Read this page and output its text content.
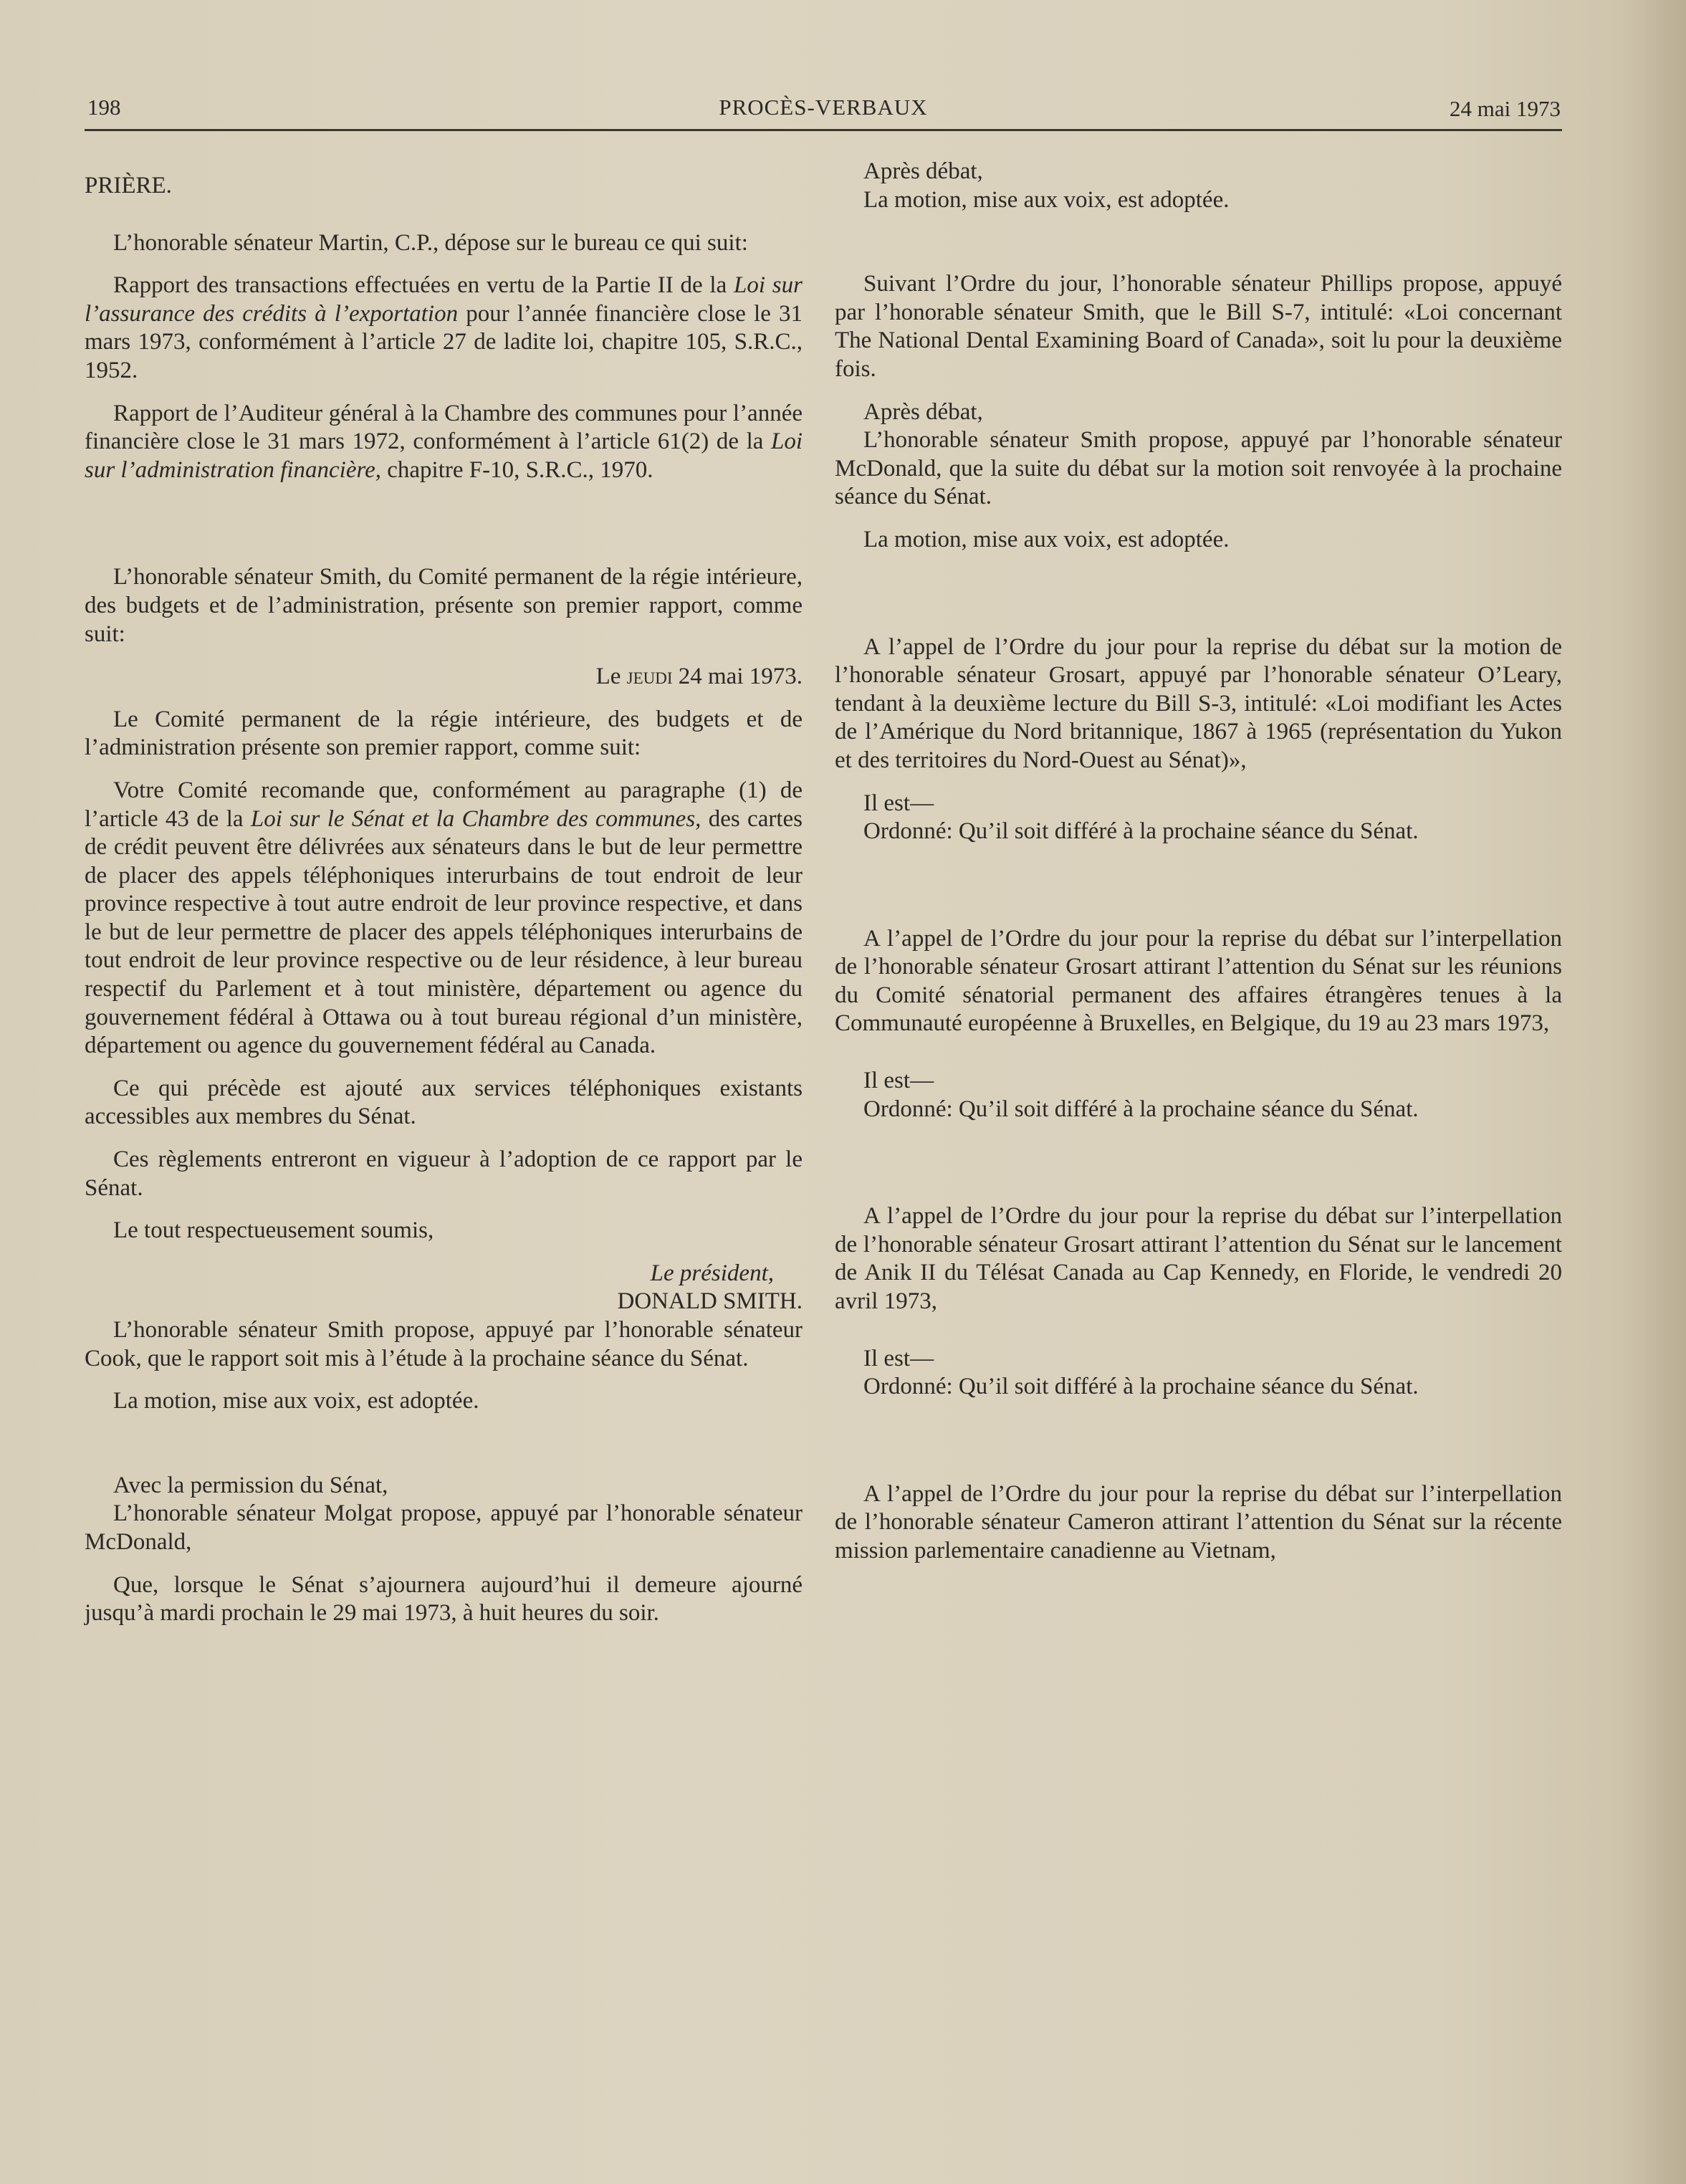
198	PROCÈS-VERBAUX	24 mai 1973

PRIÈRE.

L’honorable sénateur Martin, C.P., dépose sur le bureau ce qui suit:

Rapport des transactions effectuées en vertu de la Partie II de la Loi sur l’assurance des crédits à l’exportation pour l’année financière close le 31 mars 1973, conformément à l’article 27 de ladite loi, chapitre 105, S.R.C., 1952.

Rapport de l’Auditeur général à la Chambre des communes pour l’année financière close le 31 mars 1972, conformément à l’article 61(2) de la Loi sur l’administration financière, chapitre F-10, S.R.C., 1970.

L’honorable sénateur Smith, du Comité permanent de la régie intérieure, des budgets et de l’administration, présente son premier rapport, comme suit:

Le jeudi 24 mai 1973.

Le Comité permanent de la régie intérieure, des budgets et de l’administration présente son premier rapport, comme suit:

Votre Comité recomande que, conformément au paragraphe (1) de l’article 43 de la Loi sur le Sénat et la Chambre des communes, des cartes de crédit peuvent être délivrées aux sénateurs dans le but de leur permettre de placer des appels téléphoniques interurbains de tout endroit de leur province respective à tout autre endroit de leur province respective, et dans le but de leur permettre de placer des appels téléphoniques interurbains de tout endroit de leur province respective ou de leur résidence, à leur bureau respectif du Parlement et à tout ministère, département ou agence du gouvernement fédéral à Ottawa ou à tout bureau régional d’un ministère, département ou agence du gouvernement fédéral au Canada.

Ce qui précède est ajouté aux services téléphoniques existants accessibles aux membres du Sénat.

Ces règlements entreront en vigueur à l’adoption de ce rapport par le Sénat.

Le tout respectueusement soumis,

Le président,

DONALD SMITH.

L’honorable sénateur Smith propose, appuyé par l’honorable sénateur Cook, que le rapport soit mis à l’étude à la prochaine séance du Sénat.

La motion, mise aux voix, est adoptée.

Avec la permission du Sénat,

L’honorable sénateur Molgat propose, appuyé par l’honorable sénateur McDonald,

Que, lorsque le Sénat s’ajournera aujourd’hui il demeure ajourné jusqu’à mardi prochain le 29 mai 1973, à huit heures du soir.

Après débat,

La motion, mise aux voix, est adoptée.

Suivant l’Ordre du jour, l’honorable sénateur Phillips propose, appuyé par l’honorable sénateur Smith, que le Bill S-7, intitulé: «Loi concernant The National Dental Examining Board of Canada», soit lu pour la deuxième fois.

Après débat,

L’honorable sénateur Smith propose, appuyé par l’honorable sénateur McDonald, que la suite du débat sur la motion soit renvoyée à la prochaine séance du Sénat.

La motion, mise aux voix, est adoptée.

A l’appel de l’Ordre du jour pour la reprise du débat sur la motion de l’honorable sénateur Grosart, appuyé par l’honorable sénateur O’Leary, tendant à la deuxième lecture du Bill S-3, intitulé: «Loi modifiant les Actes de l’Amérique du Nord britannique, 1867 à 1965 (représentation du Yukon et des territoires du Nord-Ouest au Sénat)»,

Il est—

Ordonné: Qu’il soit différé à la prochaine séance du Sénat.

A l’appel de l’Ordre du jour pour la reprise du débat sur l’interpellation de l’honorable sénateur Grosart attirant l’attention du Sénat sur les réunions du Comité sénatorial permanent des affaires étrangères tenues à la Communauté européenne à Bruxelles, en Belgique, du 19 au 23 mars 1973,

Il est—

Ordonné: Qu’il soit différé à la prochaine séance du Sénat.

A l’appel de l’Ordre du jour pour la reprise du débat sur l’interpellation de l’honorable sénateur Grosart attirant l’attention du Sénat sur le lancement de Anik II du Télésat Canada au Cap Kennedy, en Floride, le vendredi 20 avril 1973,

Il est—

Ordonné: Qu’il soit différé à la prochaine séance du Sénat.

A l’appel de l’Ordre du jour pour la reprise du débat sur l’interpellation de l’honorable sénateur Cameron attirant l’attention du Sénat sur la récente mission parlementaire canadienne au Vietnam,
